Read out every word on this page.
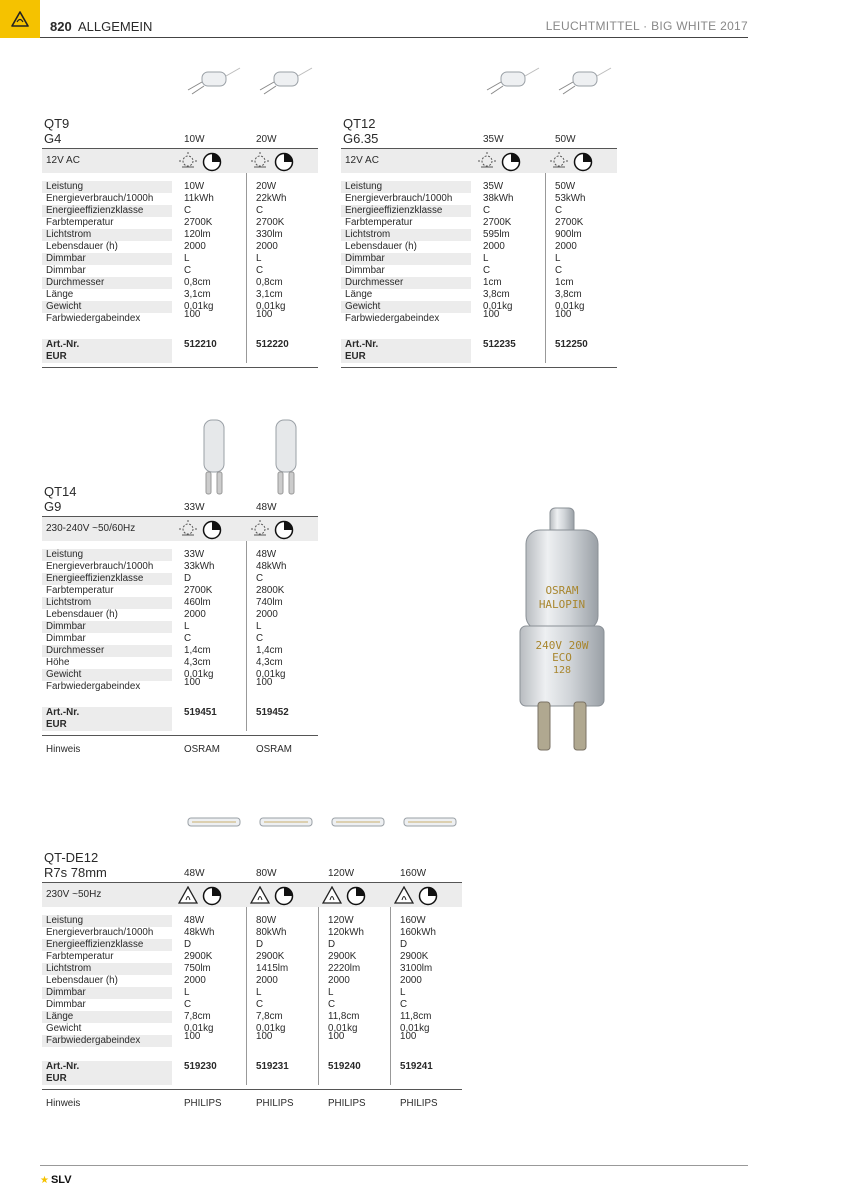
820 ALLGEMEIN	LEUCHTMITTEL · BIG WHITE 2017
QT9
G4	10W	20W
12V AC
Leistung	10W	20W
Energieverbrauch/1000h	11kWh	22kWh
Energieeffizienzklasse	C	C
Farbtemperatur	2700K	2700K
Lichtstrom	120lm	330lm
Lebensdauer (h)	2000	2000
Dimmbar	L	L
Dimmbar	C	C
Durchmesser	0,8cm	0,8cm
Länge	3,1cm	3,1cm
Gewicht	0,01kg	0,01kg
Farbwiedergabeindex	100	100
Art.-Nr.
EUR
512210	512220
QT12
G6.35	35W	50W
12V AC
Leistung	35W	50W
Energieverbrauch/1000h	38kWh	53kWh
Energieeffizienzklasse	C	C
Farbtemperatur	2700K	2700K
Lichtstrom	595lm	900lm
Lebensdauer (h)	2000	2000
Dimmbar	L	L
Dimmbar	C	C
Durchmesser	1cm	1cm
Länge	3,8cm	3,8cm
Gewicht	0,01kg	0,01kg
Farbwiedergabeindex	100	100
Art.-Nr.
EUR
512235	512250
QT14
G9	33W	48W
230-240V ~50/60Hz
Leistung	33W	48W
Energieverbrauch/1000h	33kWh	48kWh
Energieeffizienzklasse	D	C
Farbtemperatur	2700K	2800K
Lichtstrom	460lm	740lm
Lebensdauer (h)	2000	2000
Dimmbar	L	L
Dimmbar	C	C
Durchmesser	1,4cm	1,4cm
Höhe	4,3cm	4,3cm
Gewicht	0,01kg	0,01kg
Farbwiedergabeindex	100	100
Art.-Nr.
EUR
519451	519452
Hinweis	OSRAM	OSRAM
QT-DE12
R7s 78mm	48W	80W	120W	160W
230V ~50Hz
Leistung	48W	80W	120W	160W
Energieverbrauch/1000h	48kWh	80kWh	120kWh	160kWh
Energieeffizienzklasse	D	D	D	D
Farbtemperatur	2900K	2900K	2900K	2900K
Lichtstrom	750lm	1415lm	2220lm	3100lm
Lebensdauer (h)	2000	2000	2000	2000
Dimmbar	L	L	L	L
Dimmbar	C	C	C	C
Länge	7,8cm	7,8cm	11,8cm	11,8cm
Gewicht	0,01kg	0,01kg	0,01kg	0,01kg
Farbwiedergabeindex	100	100	100	100
Art.-Nr.
EUR
519230	519231	519240	519241
Hinweis	PHILIPS	PHILIPS	PHILIPS	PHILIPS
OSRAM
HALOPIN
240V 20W
ECO
128
★ SLV
